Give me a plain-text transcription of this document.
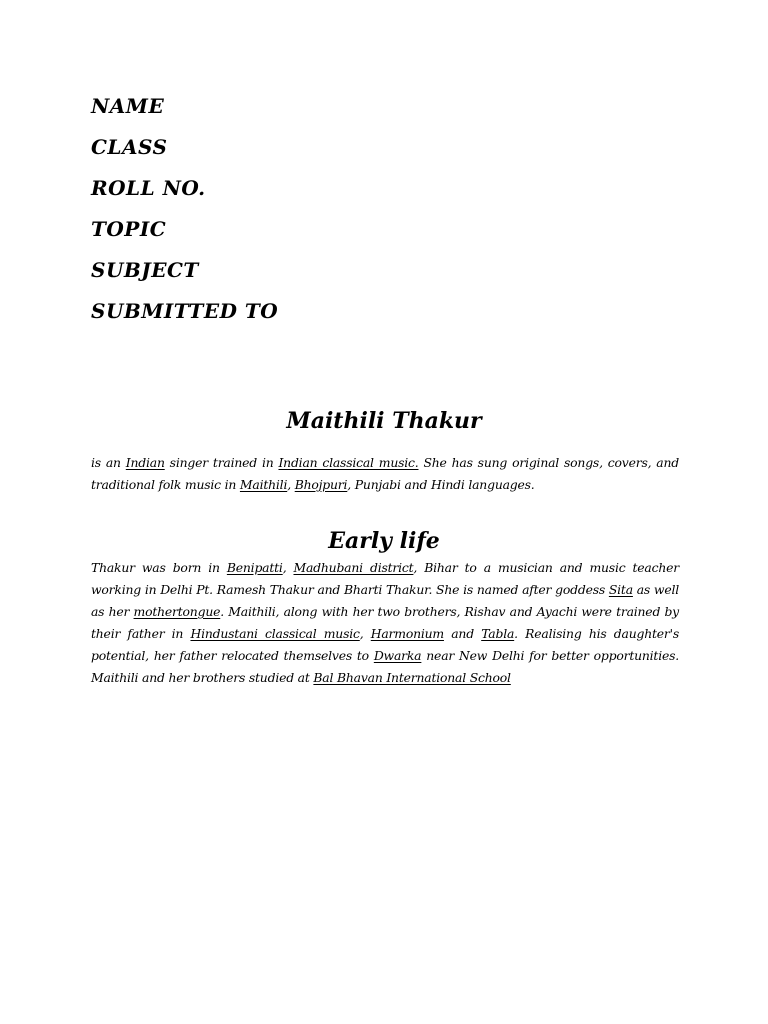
NAME
CLASS
ROLL NO.
TOPIC
SUBJECT
SUBMITTED TO
Maithili Thakur

is an Indian singer trained in Indian classical music. She has sung original songs, covers, and traditional folk music in Maithili, Bhojpuri, Punjabi and Hindi languages.

Early life

Thakur was born in Benipatti, Madhubani district, Bihar to a musician and music teacher working in Delhi Pt. Ramesh Thakur and Bharti Thakur. She is named after goddess Sita as well as her mothertongue. Maithili, along with her two brothers, Rishav and Ayachi were trained by their father in Hindustani classical music, Harmonium and Tabla. Realising his daughter's potential, her father relocated themselves to Dwarka near New Delhi for better opportunities. Maithili and her brothers studied at Bal Bhavan International School
